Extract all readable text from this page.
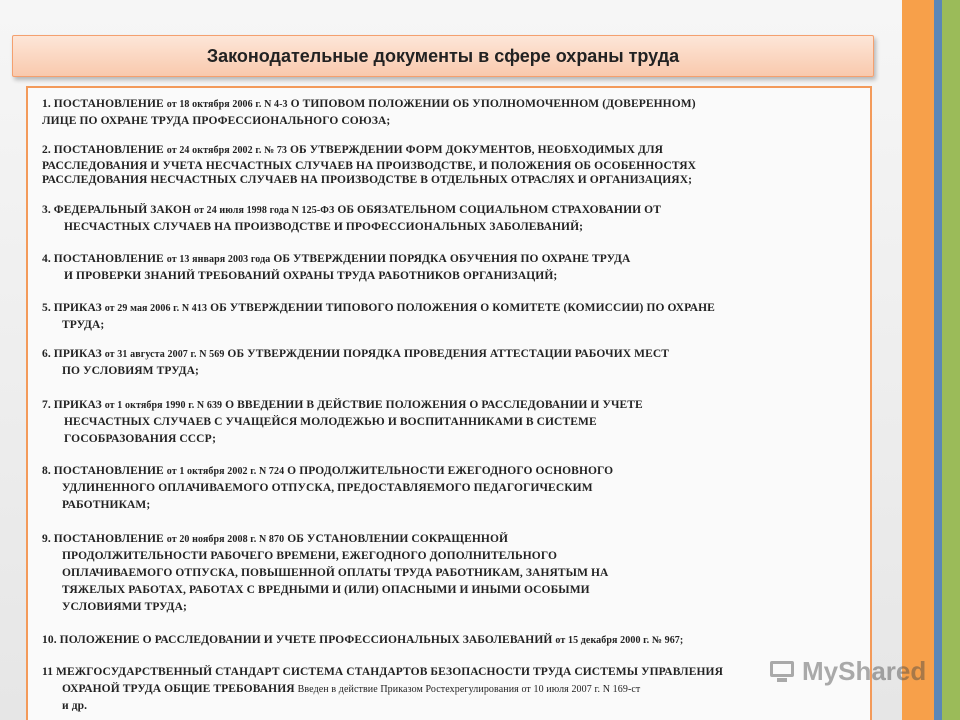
Законодательные документы в сфере охраны труда
1. ПОСТАНОВЛЕНИЕ от 18 октября 2006 г. N 4-3 О ТИПОВОМ ПОЛОЖЕНИИ ОБ УПОЛНОМОЧЕННОМ (ДОВЕРЕННОМ)
ЛИЦЕ ПО ОХРАНЕ ТРУДА ПРОФЕССИОНАЛЬНОГО СОЮЗА;
2. ПОСТАНОВЛЕНИЕ от 24 октября 2002 г. № 73 ОБ УТВЕРЖДЕНИИ ФОРМ ДОКУМЕНТОВ, НЕОБХОДИМЫХ ДЛЯ
РАССЛЕДОВАНИЯ И УЧЕТА НЕСЧАСТНЫХ СЛУЧАЕВ НА ПРОИЗВОДСТВЕ, И ПОЛОЖЕНИЯ ОБ ОСОБЕННОСТЯХ
РАССЛЕДОВАНИЯ НЕСЧАСТНЫХ СЛУЧАЕВ НА ПРОИЗВОДСТВЕ В ОТДЕЛЬНЫХ ОТРАСЛЯХ И ОРГАНИЗАЦИЯХ;
3. ФЕДЕРАЛЬНЫЙ ЗАКОН от 24 июля 1998 года N 125-ФЗ ОБ ОБЯЗАТЕЛЬНОМ СОЦИАЛЬНОМ СТРАХОВАНИИ ОТ
НЕСЧАСТНЫХ СЛУЧАЕВ НА ПРОИЗВОДСТВЕ И ПРОФЕССИОНАЛЬНЫХ ЗАБОЛЕВАНИЙ;
4. ПОСТАНОВЛЕНИЕ от 13 января 2003 года ОБ УТВЕРЖДЕНИИ ПОРЯДКА ОБУЧЕНИЯ ПО ОХРАНЕ ТРУДА
И ПРОВЕРКИ ЗНАНИЙ ТРЕБОВАНИЙ ОХРАНЫ ТРУДА РАБОТНИКОВ ОРГАНИЗАЦИЙ;
5. ПРИКАЗ от 29 мая 2006 г. N 413 ОБ УТВЕРЖДЕНИИ ТИПОВОГО ПОЛОЖЕНИЯ О КОМИТЕТЕ (КОМИССИИ) ПО ОХРАНЕ
ТРУДА;
6. ПРИКАЗ от 31 августа 2007 г. N 569 ОБ УТВЕРЖДЕНИИ ПОРЯДКА ПРОВЕДЕНИЯ АТТЕСТАЦИИ РАБОЧИХ МЕСТ
ПО УСЛОВИЯМ ТРУДА;
7. ПРИКАЗ от 1 октября 1990 г. N 639 О ВВЕДЕНИИ В ДЕЙСТВИЕ ПОЛОЖЕНИЯ О РАССЛЕДОВАНИИ И УЧЕТЕ
НЕСЧАСТНЫХ СЛУЧАЕВ С УЧАЩЕЙСЯ МОЛОДЕЖЬЮ И ВОСПИТАННИКАМИ В СИСТЕМЕ
ГОСОБРАЗОВАНИЯ СССР;
8. ПОСТАНОВЛЕНИЕ от 1 октября 2002 г. N 724 О ПРОДОЛЖИТЕЛЬНОСТИ ЕЖЕГОДНОГО ОСНОВНОГО
УДЛИНЕННОГО ОПЛАЧИВАЕМОГО ОТПУСКА, ПРЕДОСТАВЛЯЕМОГО ПЕДАГОГИЧЕСКИМ
РАБОТНИКАМ;
9. ПОСТАНОВЛЕНИЕ от 20 ноября 2008 г. N 870 ОБ УСТАНОВЛЕНИИ СОКРАЩЕННОЙ
ПРОДОЛЖИТЕЛЬНОСТИ РАБОЧЕГО ВРЕМЕНИ, ЕЖЕГОДНОГО ДОПОЛНИТЕЛЬНОГО
ОПЛАЧИВАЕМОГО ОТПУСКА, ПОВЫШЕННОЙ ОПЛАТЫ ТРУДА РАБОТНИКАМ, ЗАНЯТЫМ НА
ТЯЖЕЛЫХ РАБОТАХ, РАБОТАХ С ВРЕДНЫМИ И (ИЛИ) ОПАСНЫМИ И ИНЫМИ ОСОБЫМИ
УСЛОВИЯМИ ТРУДА;
10. ПОЛОЖЕНИЕ О РАССЛЕДОВАНИИ И УЧЕТЕ ПРОФЕССИОНАЛЬНЫХ ЗАБОЛЕВАНИЙ от 15 декабря 2000 г. № 967;
11 МЕЖГОСУДАРСТВЕННЫЙ СТАНДАРТ СИСТЕМА СТАНДАРТОВ БЕЗОПАСНОСТИ ТРУДА СИСТЕМЫ УПРАВЛЕНИЯ
ОХРАНОЙ ТРУДА ОБЩИЕ ТРЕБОВАНИЯ Введен в действие Приказом Ростехрегулирования от 10 июля 2007 г. N 169-ст
и др.
MyShared
